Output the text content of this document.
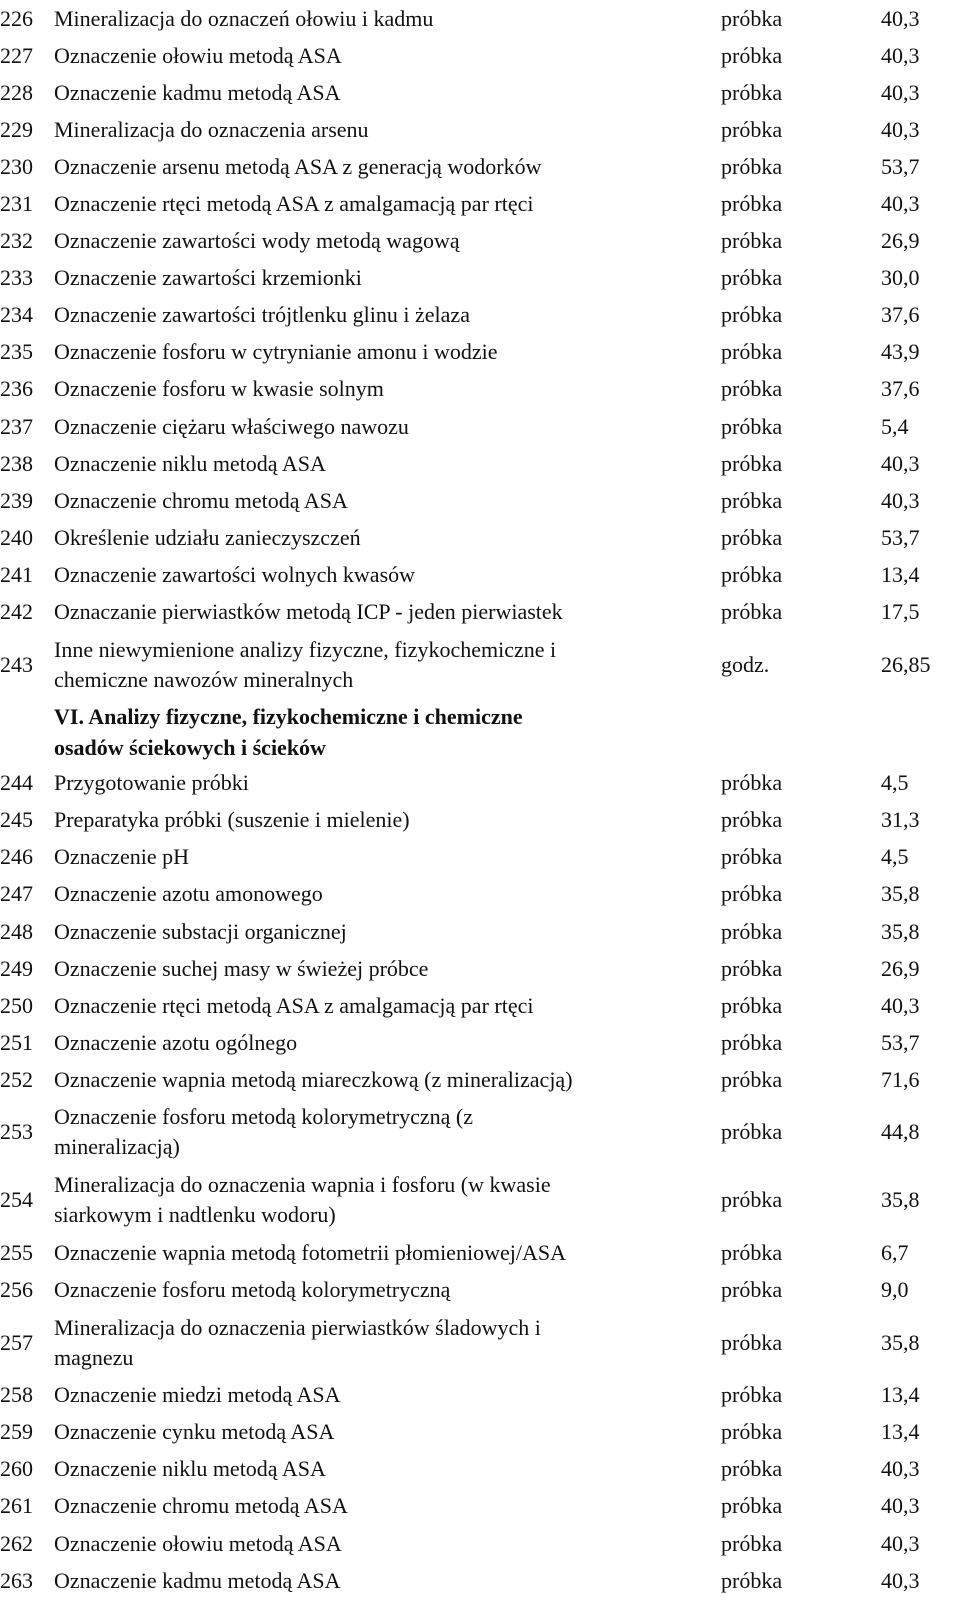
226	Mineralizacja do oznaczeń ołowiu i kadmu	próbka	40,3
227	Oznaczenie ołowiu metodą ASA	próbka	40,3
228	Oznaczenie kadmu metodą ASA	próbka	40,3
229	Mineralizacja do oznaczenia arsenu	próbka	40,3
230	Oznaczenie arsenu metodą ASA z generacją wodorków	próbka	53,7
231	Oznaczenie rtęci metodą ASA z amalgamacją par rtęci	próbka	40,3
232	Oznaczenie zawartości wody metodą wagową	próbka	26,9
233	Oznaczenie zawartości krzemionki	próbka	30,0
234	Oznaczenie zawartości trójtlenku glinu i żelaza	próbka	37,6
235	Oznaczenie fosforu w cytrynianie amonu i wodzie	próbka	43,9
236	Oznaczenie fosforu w kwasie solnym	próbka	37,6
237	Oznaczenie ciężaru właściwego nawozu	próbka	5,4
238	Oznaczenie niklu metodą ASA	próbka	40,3
239	Oznaczenie chromu metodą ASA	próbka	40,3
240	Określenie udziału zanieczyszczeń	próbka	53,7
241	Oznaczenie zawartości wolnych kwasów	próbka	13,4
242	Oznaczanie pierwiastków metodą ICP - jeden pierwiastek	próbka	17,5
243	Inne niewymienione analizy fizyczne, fizykochemiczne i
chemiczne nawozów mineralnych	godz.	26,85

	VI. Analizy fizyczne, fizykochemiczne i chemiczne
osadów ściekowych i ścieków		

244	Przygotowanie próbki	próbka	4,5
245	Preparatyka próbki (suszenie i mielenie)	próbka	31,3
246	Oznaczenie pH	próbka	4,5
247	Oznaczenie azotu amonowego	próbka	35,8
248	Oznaczenie substacji organicznej	próbka	35,8
249	Oznaczenie suchej masy w świeżej próbce	próbka	26,9
250	Oznaczenie rtęci metodą ASA z amalgamacją par rtęci	próbka	40,3
251	Oznaczenie azotu ogólnego	próbka	53,7
252	Oznaczenie wapnia metodą miareczkową (z mineralizacją)	próbka	71,6
253	Oznaczenie fosforu metodą kolorymetryczną (z
mineralizacją)	próbka	44,8
254	Mineralizacja do oznaczenia wapnia i fosforu (w kwasie
siarkowym i nadtlenku wodoru)	próbka	35,8
255	Oznaczenie wapnia metodą fotometrii płomieniowej/ASA	próbka	6,7
256	Oznaczenie fosforu metodą kolorymetryczną	próbka	9,0
257	Mineralizacja do oznaczenia pierwiastków śladowych i
magnezu	próbka	35,8
258	Oznaczenie miedzi metodą ASA	próbka	13,4
259	Oznaczenie cynku metodą ASA	próbka	13,4
260	Oznaczenie niklu metodą ASA	próbka	40,3
261	Oznaczenie chromu metodą ASA	próbka	40,3
262	Oznaczenie ołowiu metodą ASA	próbka	40,3
263	Oznaczenie kadmu metodą ASA	próbka	40,3
